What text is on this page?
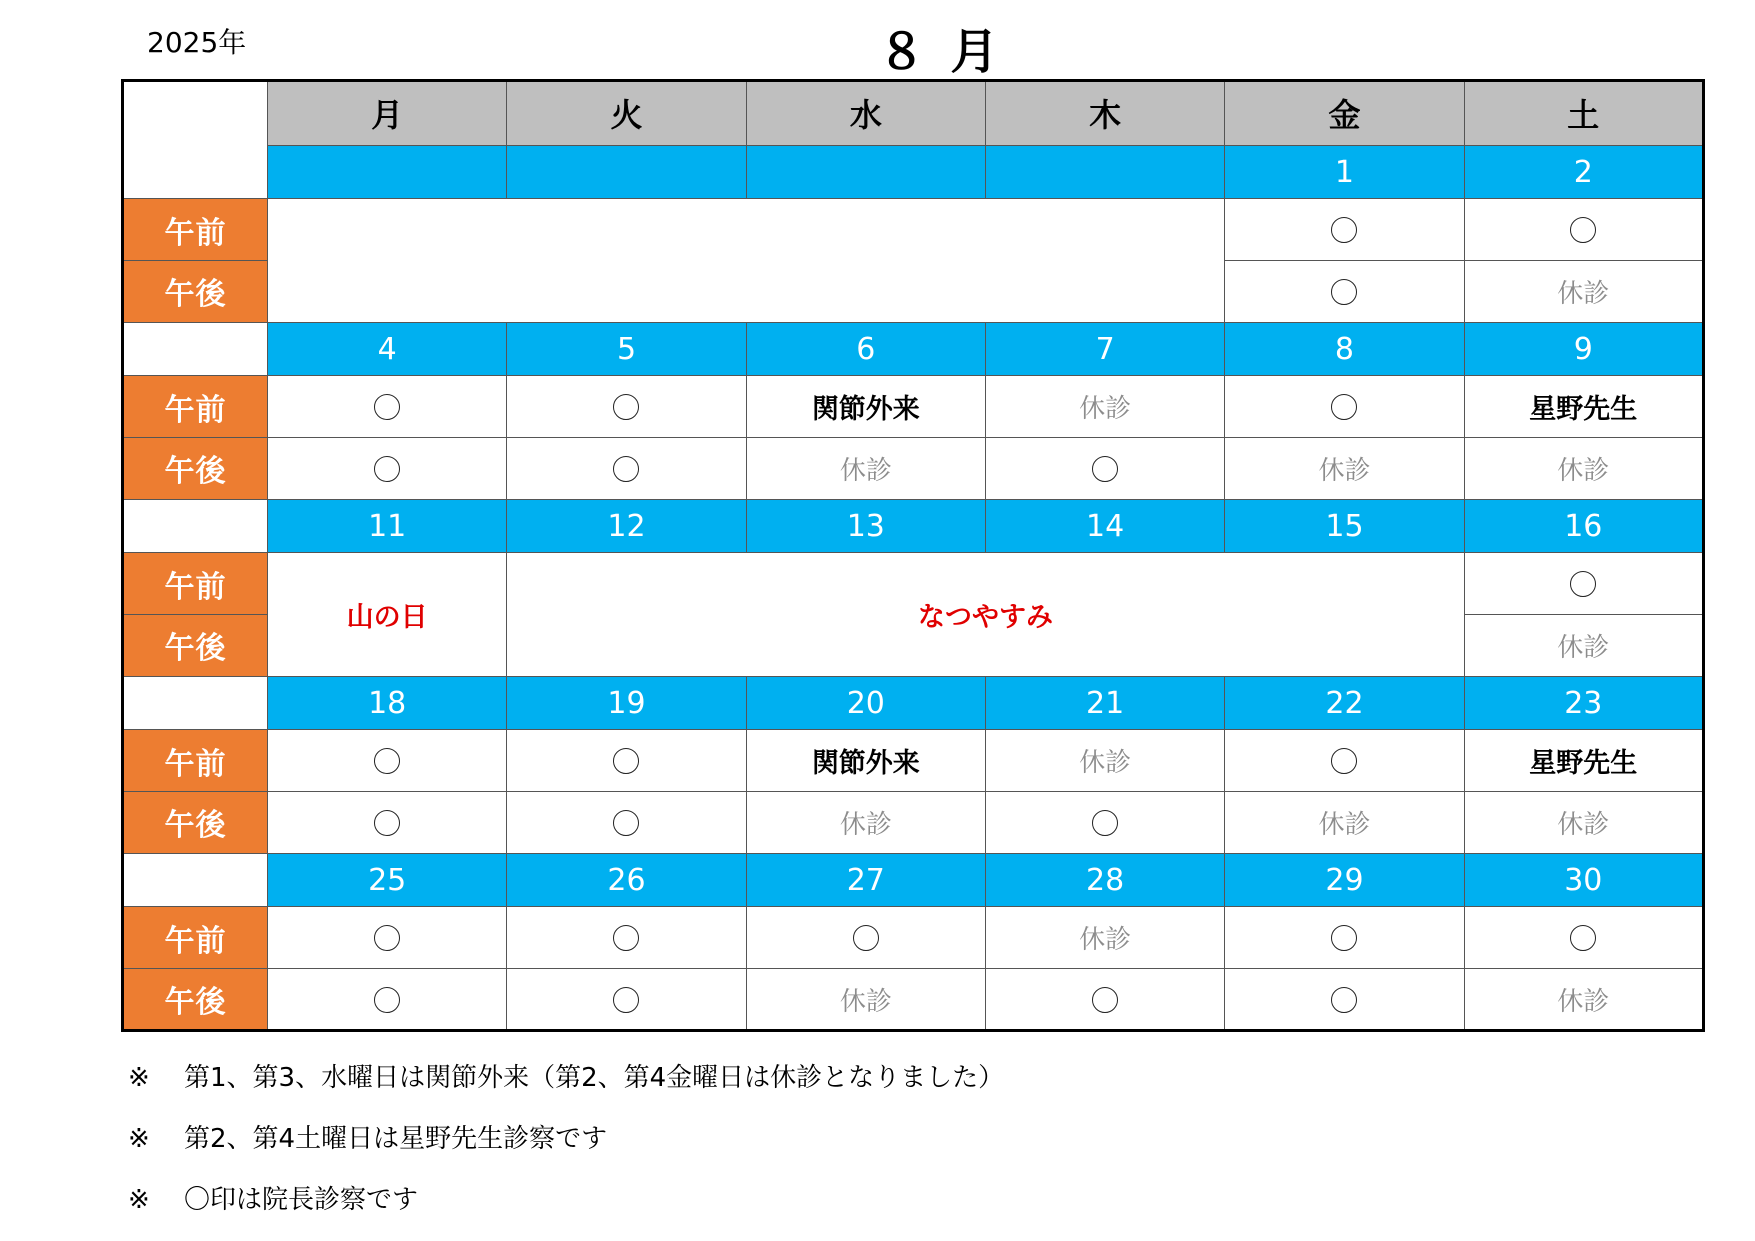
2025年	８ 月
	月	火	水	木	金	土
					1	2
午前			
午後						休診
	4	5	6	7	8	9
午前			関節外来	休診		星野先生
午後			休診		休診	休診
	11	12	13	14	15	16
午前	山の日	なつやすみ	
午後						休診
	18	19	20	21	22	23
午前			関節外来	休診		星野先生
午後			休診		休診	休診
	25	26	27	28	29	30
午前				休診		
午後			休診			休診
※	第1、第3、水曜日は関節外来（第2、第4金曜日は休診となりました）
※	第2、第4土曜日は星野先生診察です
※	〇印は院長診察です
